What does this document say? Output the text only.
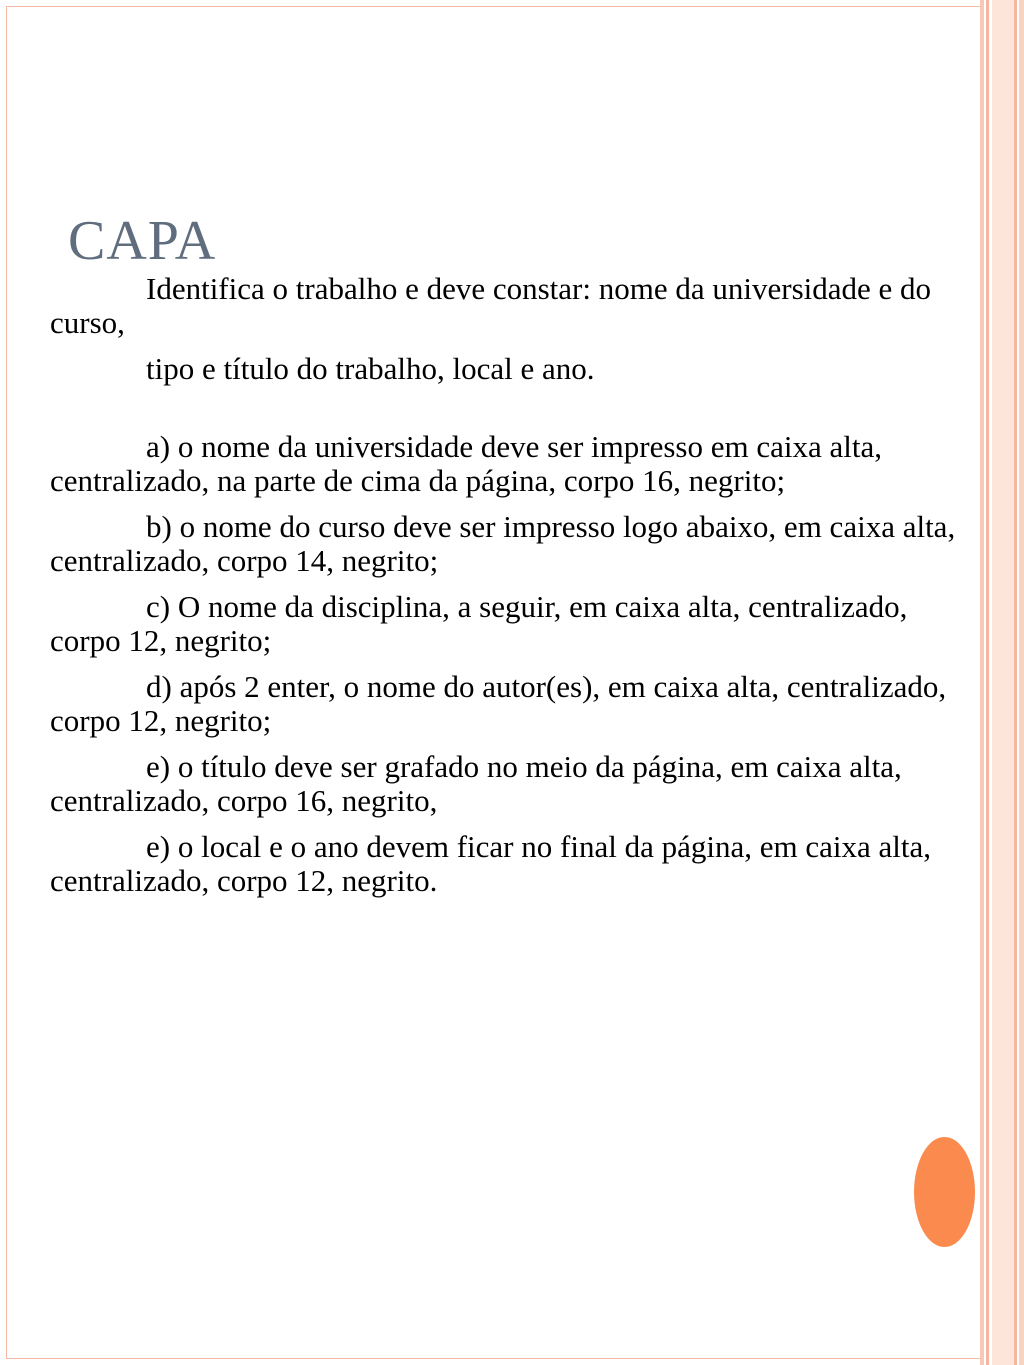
CAPA

Identifica o trabalho e deve constar: nome da universidade e do curso,

tipo e título do trabalho, local e ano.

a) o nome da universidade deve ser impresso em caixa alta, centralizado, na parte de cima da página, corpo 16, negrito;

b) o nome do curso deve ser impresso logo abaixo, em caixa alta, centralizado, corpo 14, negrito;

c) O nome da disciplina, a seguir, em caixa alta, centralizado, corpo 12, negrito;

d) após 2 enter, o nome do autor(es), em caixa alta, centralizado, corpo 12, negrito;

e) o título deve ser grafado no meio da página, em caixa alta, centralizado, corpo 16, negrito,

e) o local e o ano devem ficar no final da página, em caixa alta, centralizado, corpo 12, negrito.
